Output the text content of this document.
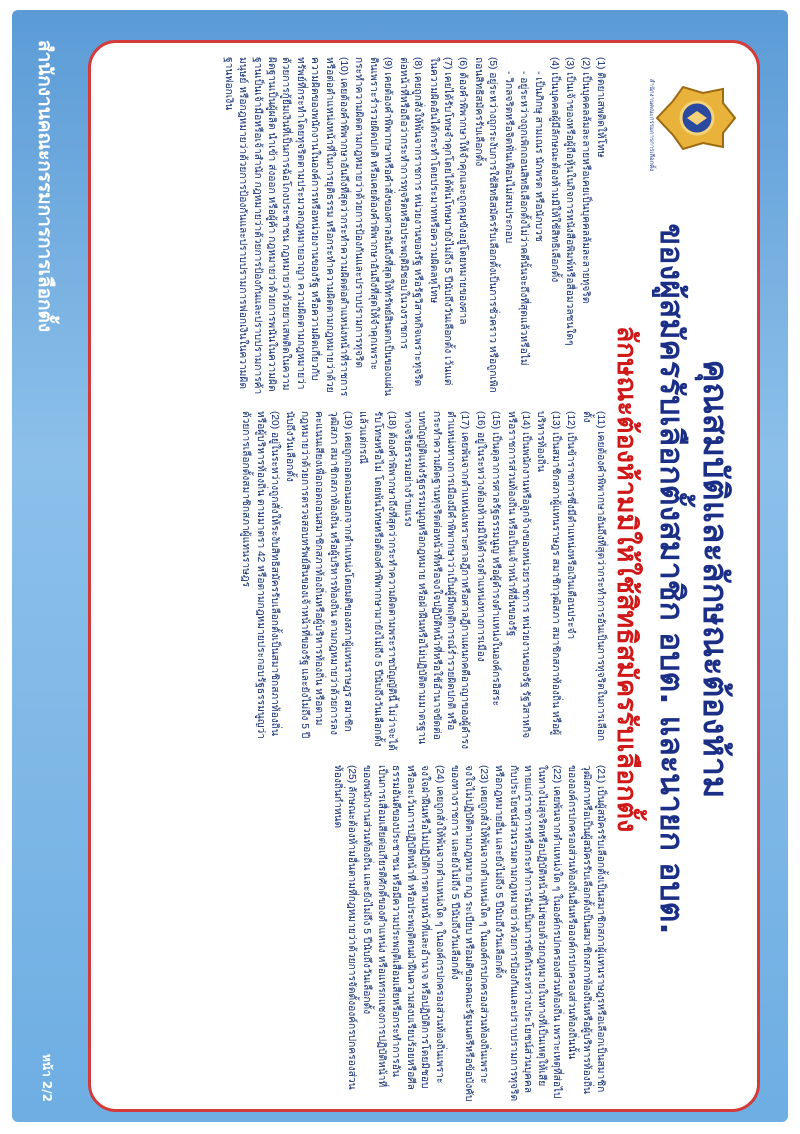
สำนักงานคณะกรรมการการเลือกตั้ง
คุณสมบัติและลักษณะต้องห้าม
ของผู้สมัครรับเลือกตั้งสมาชิก อบต. และนายก อบต.
ลักษณะต้องห้ามมิให้ใช้สิทธิสมัครรับเลือกตั้ง

(1) ติดยาเสพติดให้โทษ

(2) เป็นบุคคลล้มละลายหรือเคยเป็นบุคคลล้มละลายทุจริต

(3) เป็นเจ้าของหรือผู้ถือหุ้นในกิจการหนังสือพิมพ์หรือสื่อมวลชนใดๆ

(4) เป็นบุคคลผู้มีลักษณะต้องห้ามมิให้ใช้สิทธิเลือกตั้ง

- เป็นภิกษุ สามเณร นักพรต หรือนักบวช

- อยู่ระหว่างถูกเพิกถอนสิทธิเลือกตั้งไม่ว่าคดีนั้นจะถึงที่สุดแล้วหรือไม่

- วิกลจริตหรือจิตฟั่นเฟือนไม่สมประกอบ

(5) อยู่ระหว่างถูกระงับการใช้สิทธิสมัครรับเลือกตั้งเป็นการชั่วคราว หรือถูกเพิกถอนสิทธิสมัครรับเลือกตั้ง

(6) ต้องคำพิพากษาให้จำคุกและถูกคุมขังอยู่โดยหมายของศาล

(7) เคยได้รับโทษจำคุกโดยได้พ้นโทษมายังไม่ถึง 5 ปีนับถึงวันเลือกตั้ง เว้นแต่ในความผิดอันได้กระทำโดยประมาทหรือความผิดลหุโทษ

(8) เคยถูกสั่งให้พ้นจากราชการ หน่วยงานของรัฐ หรือรัฐวิสาหกิจเพราะทุจริตต่อหน้าที่หรือถือว่ากระทำการทุจริตหรือประพฤติมิชอบในวงราชการ

(9) เคยต้องคำพิพากษาหรือคำสั่งของศาลอันถึงที่สุดให้ทรัพย์สินตกเป็นของแผ่นดินเพราะร่ำรวยผิดปกติ หรือเคยต้องคำพิพากษาอันถึงที่สุดให้จำคุกเพราะกระทำความผิดตามกฎหมายว่าด้วยการป้องกันและปราบปรามการทุจริต

(10) เคยต้องคำพิพากษาอันถึงที่สุดว่ากระทำความผิดต่อตำแหน่งหน้าที่ราชการหรือต่อตำแหน่งหน้าที่ในการยุติธรรม หรือกระทำความผิดตามกฎหมายว่าด้วยความผิดของพนักงานในองค์การหรือหน่วยงานของรัฐ หรือความผิดเกี่ยวกับทรัพย์ที่กระทำโดยทุจริตตามประมวลกฎหมายอาญา ความผิดตามกฎหมายว่าด้วยการกู้ยืมเงินที่เป็นการฉ้อโกงประชาชน กฎหมายว่าด้วยยาเสพติดในความผิดฐานเป็นผู้ผลิต นำเข้า ส่งออก หรือผู้ค้า กฎหมายว่าด้วยการพนันในความผิดฐานเป็นเจ้ามือหรือเจ้าสำนัก กฎหมายว่าด้วยการป้องกันและปราบปรามการค้ามนุษย์ หรือกฎหมายว่าด้วยการป้องกันและปราบปรามการฟอกเงินในความผิดฐานฟอกเงิน

(11) เคยต้องคำพิพากษาอันถึงที่สุดว่ากระทำการอันเป็นการทุจริตในการเลือกตั้ง

(12) เป็นข้าราชการซึ่งมีตำแหน่งหรือเงินเดือนประจำ

(13) เป็นสมาชิกสภาผู้แทนราษฎร สมาชิกวุฒิสภา สมาชิกสภาท้องถิ่น หรือผู้บริหารท้องถิ่น

(14) เป็นพนักงานหรือลูกจ้างของหน่วยราชการ หน่วยงานของรัฐ รัฐวิสาหกิจ หรือราชการส่วนท้องถิ่น หรือเป็นเจ้าหน้าที่อื่นของรัฐ

(15) เป็นตุลาการศาลรัฐธรรมนูญ หรือผู้ดำรงตำแหน่งในองค์กรอิสระ

(16) อยู่ในระหว่างต้องห้ามมิให้ดำรงตำแหน่งทางการเมือง

(17) เคยพ้นจากตำแหน่งเพราะศาลฎีกาหรือศาลฎีกาแผนกคดีอาญาของผู้ดำรงตำแหน่งทางการเมืองมีคำพิพากษาว่าเป็นผู้มีพฤติการณ์ร่ำรวยผิดปกติ หรือกระทำความผิดฐานทุจริตต่อหน้าที่หรือจงใจปฏิบัติหน้าที่หรือใช้อำนาจขัดต่อบทบัญญัติแห่งรัฐธรรมนูญหรือกฎหมาย หรือฝ่าฝืนหรือไม่ปฏิบัติตามมาตรฐานทางจริยธรรมอย่างร้ายแรง

(18) ต้องคำพิพากษาถึงที่สุดว่ากระทำความผิดตามพระราชบัญญัตินี้ ไม่ว่าจะได้รับโทษหรือไม่ โดยพ้นโทษหรือต้องคำพิพากษามายังไม่ถึง 5 ปีนับถึงวันเลือกตั้ง แล้วแต่กรณี

(19) เคยถูกถอดถอนออกจากตำแหน่งโดยมติของสภาผู้แทนราษฎร สมาชิกวุฒิสภา สมาชิกสภาท้องถิ่น หรือผู้บริหารท้องถิ่น ตามกฎหมายว่าด้วยการลงคะแนนเสียงเพื่อถอดถอนสมาชิกสภาท้องถิ่นหรือผู้บริหารท้องถิ่น หรือตามกฎหมายว่าด้วยการตรวจสอบทรัพย์สินของเจ้าหน้าที่ของรัฐ และยังไม่ถึง 5 ปีนับถึงวันเลือกตั้ง

(20) อยู่ในระหว่างถูกสั่งให้ระงับสิทธิสมัครรับเลือกตั้งเป็นสมาชิกสภาท้องถิ่นหรือผู้บริหารท้องถิ่น ตามมาตรา 42 หรือตามกฎหมายประกอบรัฐธรรมนูญว่าด้วยการเลือกตั้งสมาชิกสภาผู้แทนราษฎร

(21) เป็นผู้สมัครรับเลือกตั้งเป็นสมาชิกสภาผู้แทนราษฎรหรือเลือกเป็นสมาชิกวุฒิสภาหรือเป็นผู้สมัครรับเลือกตั้งเป็นสมาชิกสภาท้องถิ่นหรือผู้บริหารท้องถิ่นขององค์กรปกครองส่วนท้องถิ่นอื่นหรือองค์กรปกครองส่วนท้องถิ่นนั้น

(22) เคยพ้นจากตำแหน่งใด ๆ ในองค์กรปกครองส่วนท้องถิ่น เพราะเหตุที่ส่อไปในทางไม่สุจริตหรือปฏิบัติหน้าที่ไม่ชอบด้วยกฎหมายในทางที่เป็นเหตุให้เสียหายแก่ราชการหรือกระทำการอันเป็นการขัดกันระหว่างประโยชน์ส่วนบุคคลกับประโยชน์ส่วนรวมตามกฎหมายว่าด้วยการป้องกันและปราบปรามการทุจริตหรือกฎหมายอื่น และยังไม่ถึง 5 ปีนับถึงวันเลือกตั้ง

(23) เคยถูกสั่งให้พ้นจากตำแหน่งใด ๆ ในองค์กรปกครองส่วนท้องถิ่นเพราะจงใจไม่ปฏิบัติตามกฎหมาย กฎ ระเบียบ หรือมติของคณะรัฐมนตรีหรือข้อบังคับของทางราชการ และยังไม่ถึง 5 ปีนับถึงวันเลือกตั้ง

(24) เคยถูกสั่งให้พ้นจากตำแหน่งใด ๆ ในองค์กรปกครองส่วนท้องถิ่นเพราะจงใจฝ่าฝืนหรือไม่ปฏิบัติการตามหน้าที่และอำนาจ หรือปฏิบัติการโดยมิชอบ หรือละเว้นการปฏิบัติหน้าที่ หรือประพฤติตนฝ่าฝืนความสงบเรียบร้อยหรือศีลธรรมอันดีของประชาชน หรือมีความประพฤติเสื่อมเสียหรือกระทำการอันเป็นการเสื่อมเสียต่อเกียรติศักดิ์ของตำแหน่ง หรือแทรกแซงการปฏิบัติหน้าที่ของพนักงานส่วนท้องถิ่น และยังไม่ถึง 5 ปีนับถึงวันเลือกตั้ง

(25) ลักษณะต้องห้ามอื่นตามที่กฎหมายว่าด้วยการจัดตั้งองค์กรปกครองส่วนท้องถิ่นกำหนด

สำนักงานคณะกรรมการการเลือกตั้ง
หน้า 2/2
